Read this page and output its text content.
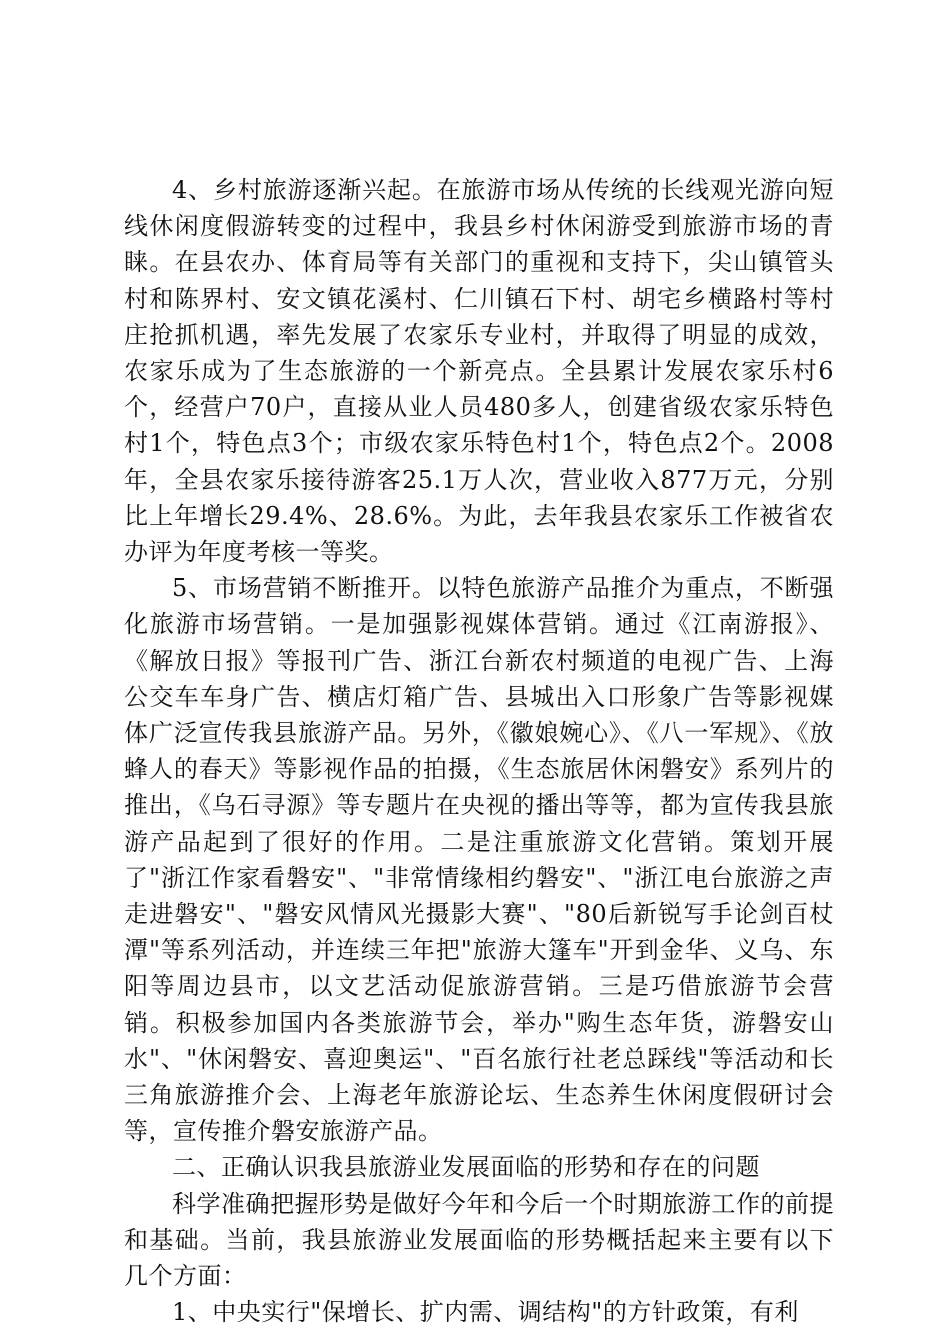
4、乡村旅游逐渐兴起。在旅游市场从传统的长线观光游向短线休闲度假游转变的过程中，我县乡村休闲游受到旅游市场的青睐。在县农办、体育局等有关部门的重视和支持下，尖山镇管头村和陈界村、安文镇花溪村、仁川镇石下村、胡宅乡横路村等村庄抢抓机遇，率先发展了农家乐专业村，并取得了明显的成效，农家乐成为了生态旅游的一个新亮点。全县累计发展农家乐村6个，经营户70户，直接从业人员480多人，创建省级农家乐特色村1个，特色点3个；市级农家乐特色村1个，特色点2个。2008年，全县农家乐接待游客25.1万人次，营业收入877万元，分别比上年增长29.4%、28.6%。为此，去年我县农家乐工作被省农办评为年度考核一等奖。

5、市场营销不断推开。以特色旅游产品推介为重点，不断强化旅游市场营销。一是加强影视媒体营销。通过《江南游报》、《解放日报》等报刊广告、浙江台新农村频道的电视广告、上海公交车车身广告、横店灯箱广告、县城出入口形象广告等影视媒体广泛宣传我县旅游产品。另外，《徽娘婉心》、《八一军规》、《放蜂人的春天》等影视作品的拍摄，《生态旅居休闲磐安》系列片的推出，《乌石寻源》等专题片在央视的播出等等，都为宣传我县旅游产品起到了很好的作用。二是注重旅游文化营销。策划开展了"浙江作家看磐安"、"非常情缘相约磐安"、"浙江电台旅游之声走进磐安"、"磐安风情风光摄影大赛"、"80后新锐写手论剑百杖潭"等系列活动，并连续三年把"旅游大篷车"开到金华、义乌、东阳等周边县市，以文艺活动促旅游营销。三是巧借旅游节会营销。积极参加国内各类旅游节会，举办"购生态年货，游磐安山水"、"休闲磐安、喜迎奥运"、"百名旅行社老总踩线"等活动和长三角旅游推介会、上海老年旅游论坛、生态养生休闲度假研讨会等，宣传推介磐安旅游产品。

二、正确认识我县旅游业发展面临的形势和存在的问题

科学准确把握形势是做好今年和今后一个时期旅游工作的前提和基础。当前，我县旅游业发展面临的形势概括起来主要有以下几个方面：

1、中央实行"保增长、扩内需、调结构"的方针政策，有利
